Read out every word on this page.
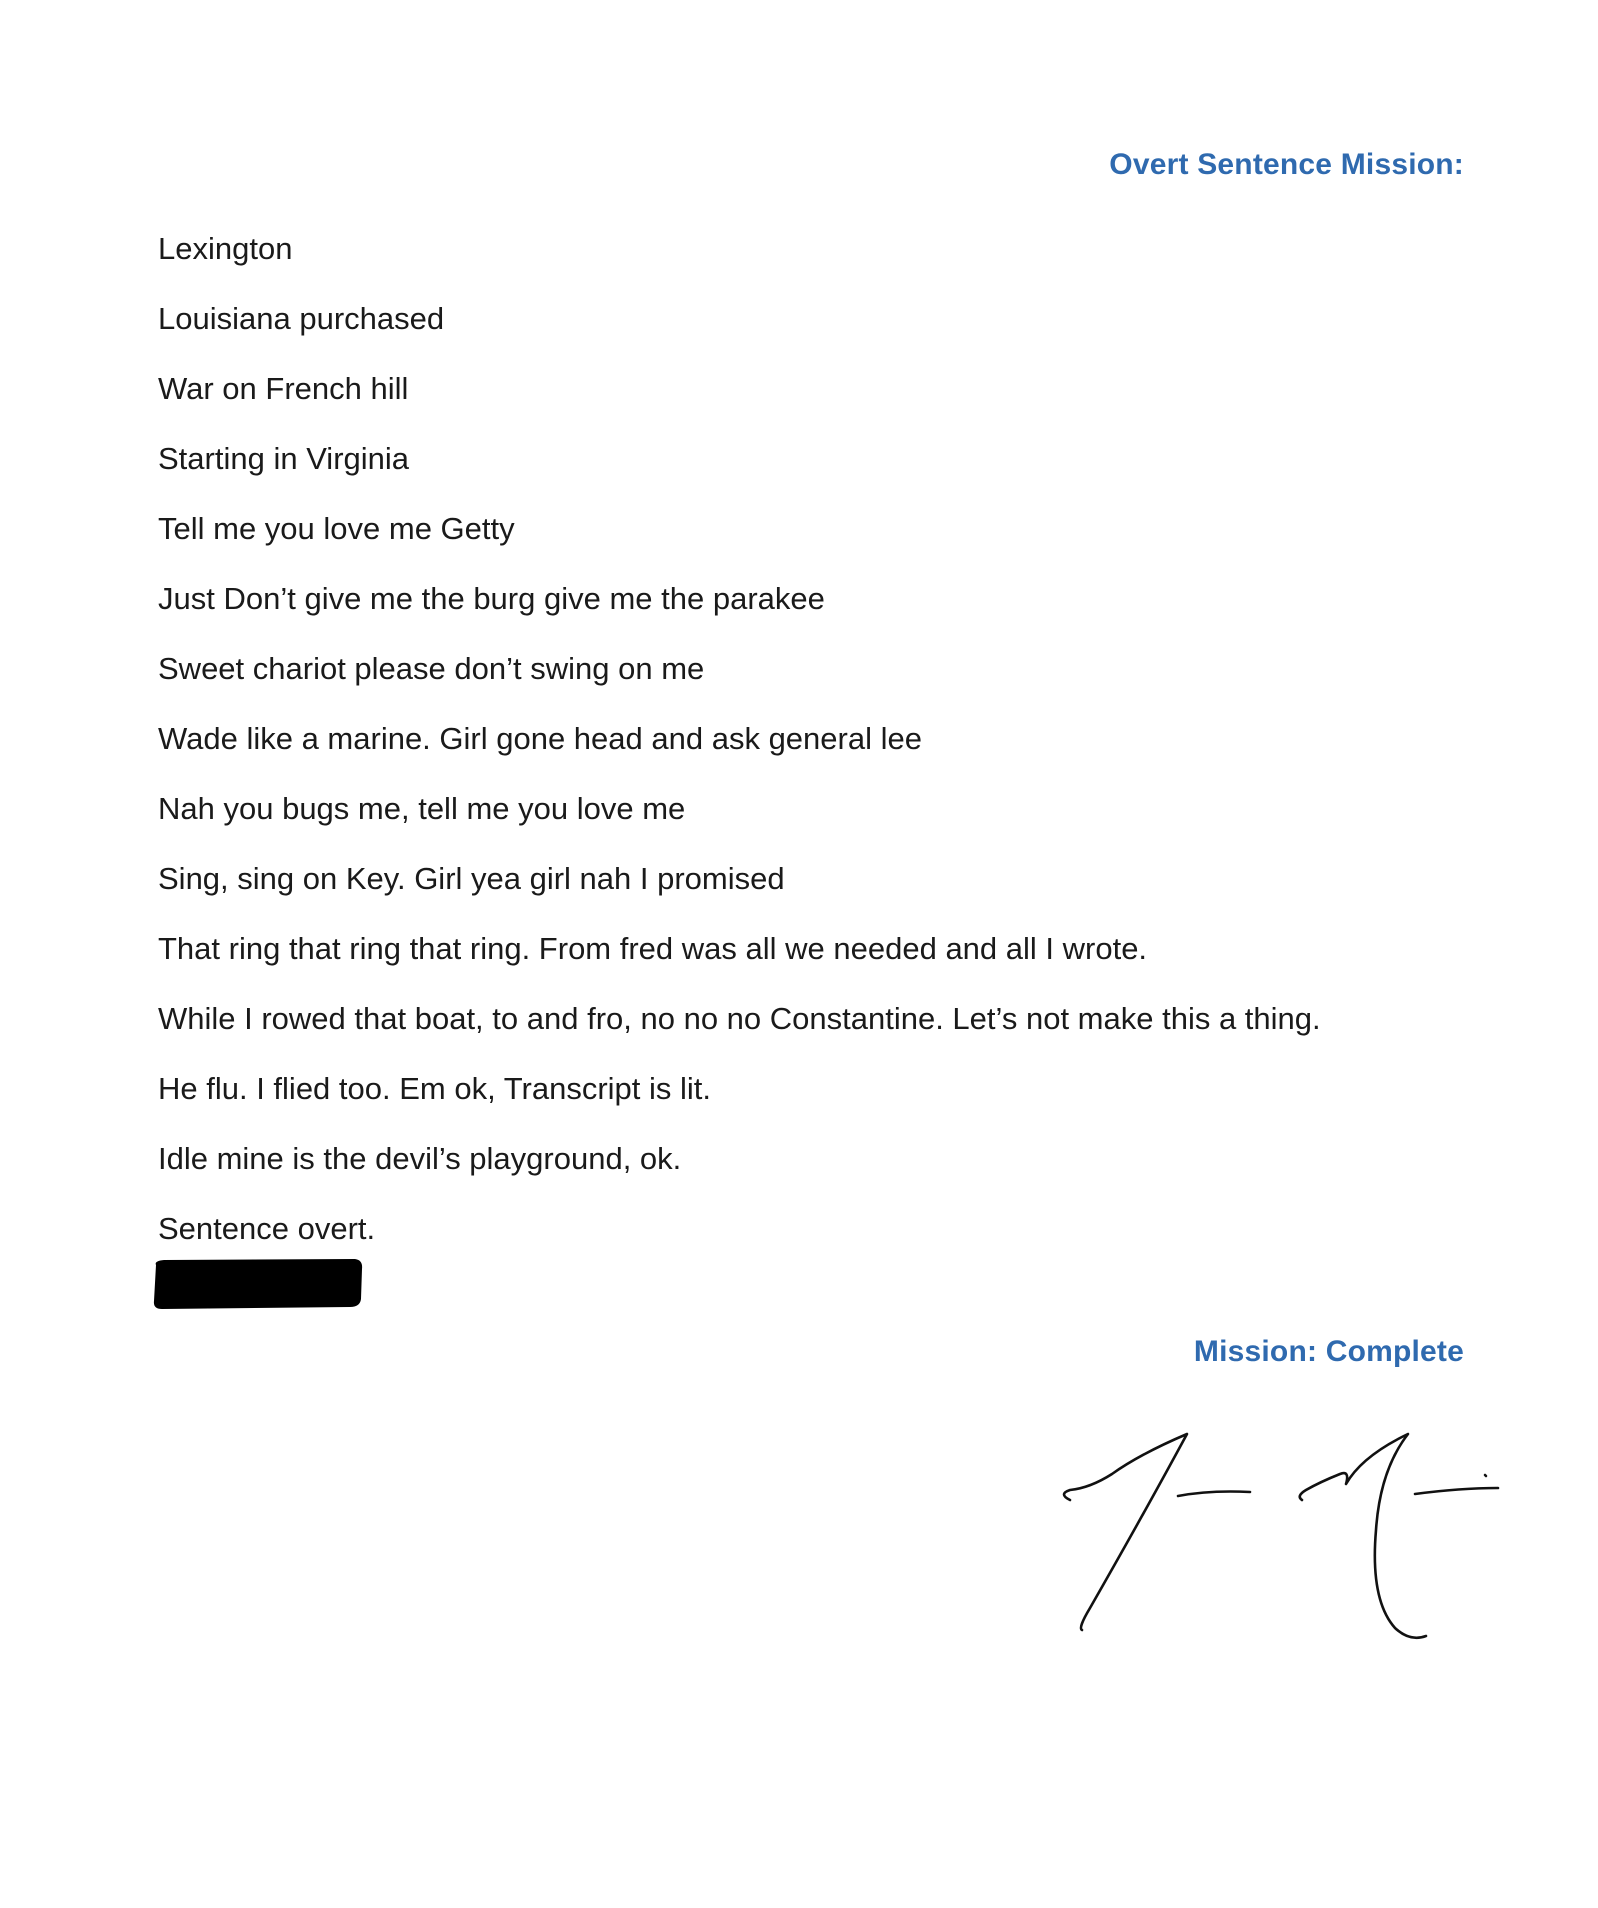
Overt Sentence Mission:
Lexington
Louisiana purchased
War on French hill
Starting in Virginia
Tell me you love me Getty
Just Don’t give me the burg give me the parakee
Sweet chariot please don’t swing on me
Wade like a marine. Girl gone head and ask general lee
Nah you bugs me, tell me you love me
Sing, sing on Key. Girl yea girl nah I promised
That ring that ring that ring. From fred was all we needed and all I wrote.
While I rowed that boat, to and fro, no no no Constantine. Let’s not make this a thing.
He flu. I flied too. Em ok, Transcript is lit.
Idle mine is the devil’s playground, ok.
Sentence overt.
Mission: Complete
